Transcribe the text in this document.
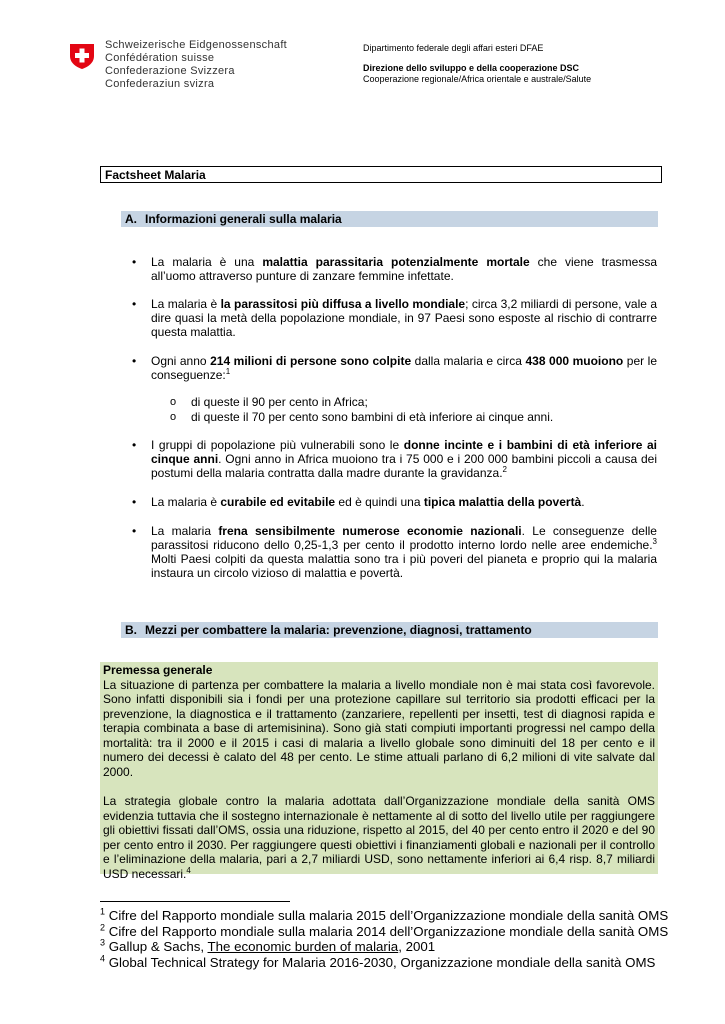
Schweizerische Eidgenossenschaft
Confédération suisse
Confederazione Svizzera
Confederaziun svizra
Dipartimento federale degli affari esteri DFAE
Direzione dello sviluppo e della cooperazione DSC
Cooperazione regionale/Africa orientale e australe/Salute
Factsheet Malaria
A. Informazioni generali sulla malaria
• La malaria è una malattia parassitaria potenzialmente mortale che viene trasmessa all’uomo attraverso punture di zanzare femmine infettate.
• La malaria è la parassitosi più diffusa a livello mondiale; circa 3,2 miliardi di persone, vale a dire quasi la metà della popolazione mondiale, in 97 Paesi sono esposte al rischio di contrarre questa malattia.
• Ogni anno 214 milioni di persone sono colpite dalla malaria e circa 438 000 muoiono per le conseguenze:$^1$
o di queste il 90 per cento in Africa;
o di queste il 70 per cento sono bambini di età inferiore ai cinque anni.
• I gruppi di popolazione più vulnerabili sono le donne incinte e i bambini di età inferiore ai cinque anni. Ogni anno in Africa muoiono tra i 75 000 e i 200 000 bambini piccoli a causa dei postumi della malaria contratta dalla madre durante la gravidanza.$^2$
• La malaria è curabile ed evitabile ed è quindi una tipica malattia della povertà.
• La malaria frena sensibilmente numerose economie nazionali. Le conseguenze delle parassitosi riducono dello 0,25-1,3 per cento il prodotto interno lordo nelle aree endemiche.$^3$ Molti Paesi colpiti da questa malattia sono tra i più poveri del pianeta e proprio qui la malaria instaura un circolo vizioso di malattia e povertà.
B. Mezzi per combattere la malaria: prevenzione, diagnosi, trattamento
Premessa generale

La situazione di partenza per combattere la malaria a livello mondiale non è mai stata così favorevole. Sono infatti disponibili sia i fondi per una protezione capillare sul territorio sia prodotti efficaci per la prevenzione, la diagnostica e il trattamento (zanzariere, repellenti per insetti, test di diagnosi rapida e terapia combinata a base di artemisinina). Sono già stati compiuti importanti progressi nel campo della mortalità: tra il 2000 e il 2015 i casi di malaria a livello globale sono diminuiti del 18 per cento e il numero dei decessi è calato del 48 per cento. Le stime attuali parlano di 6,2 milioni di vite salvate dal 2000.

La strategia globale contro la malaria adottata dall’Organizzazione mondiale della sanità OMS evidenzia tuttavia che il sostegno internazionale è nettamente al di sotto del livello utile per raggiungere gli obiettivi fissati dall’OMS, ossia una riduzione, rispetto al 2015, del 40 per cento entro il 2020 e del 90 per cento entro il 2030. Per raggiungere questi obiettivi i finanziamenti globali e nazionali per il controllo e l’eliminazione della malaria, pari a 2,7 miliardi USD, sono nettamente inferiori ai 6,4 risp. 8,7 miliardi USD necessari.$^4$

$^1$ Cifre del Rapporto mondiale sulla malaria 2015 dell’Organizzazione mondiale della sanità OMS
$^2$ Cifre del Rapporto mondiale sulla malaria 2014 dell’Organizzazione mondiale della sanità OMS
$^3$ Gallup & Sachs, The economic burden of malaria, 2001
$^4$ Global Technical Strategy for Malaria 2016-2030, Organizzazione mondiale della sanità OMS
